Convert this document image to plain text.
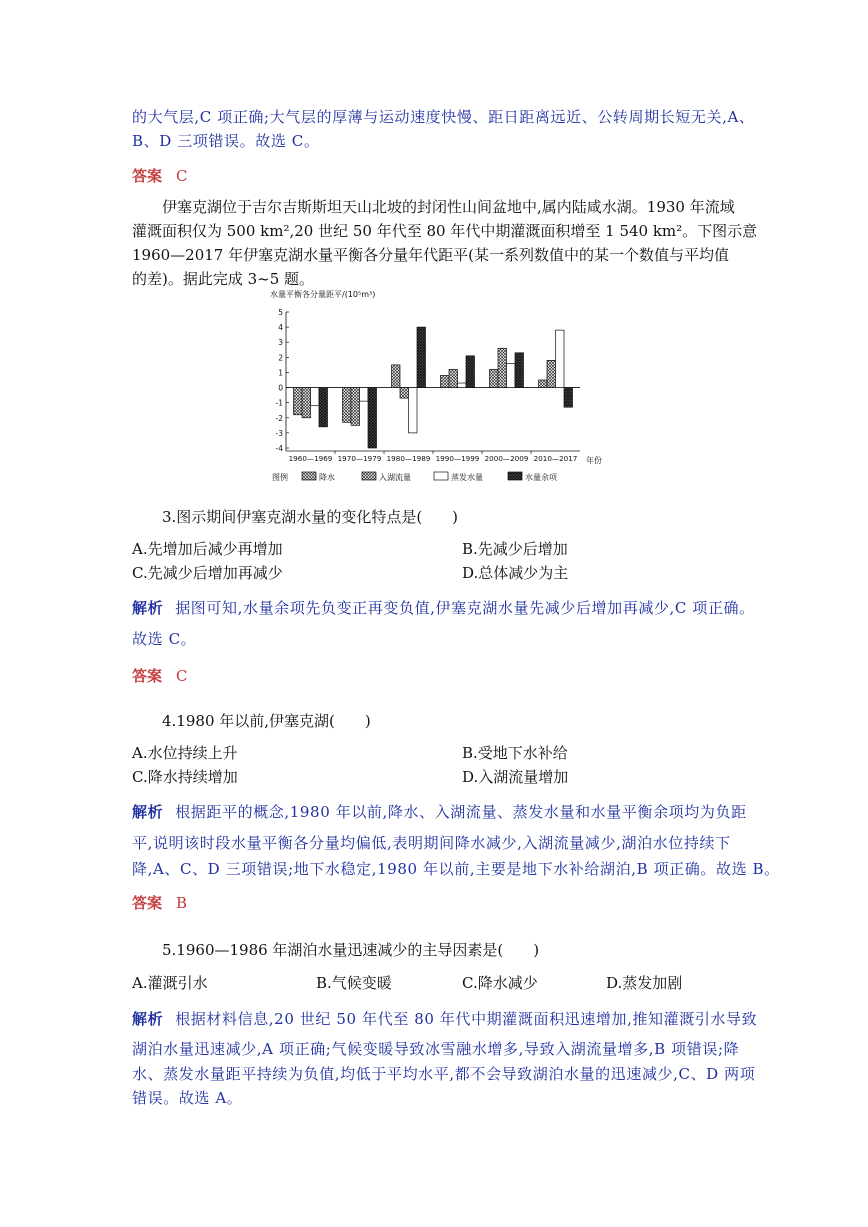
的大气层,C 项正确;大气层的厚薄与运动速度快慢、距日距离远近、公转周期长短无关,A、
B、D 三项错误。故选 C。
答案 C
伊塞克湖位于吉尔吉斯斯坦天山北坡的封闭性山间盆地中,属内陆咸水湖。1930 年流域
灌溉面积仅为 500 km²,20 世纪 50 年代至 80 年代中期灌溉面积增至 1 540 km²。下图示意
1960—2017 年伊塞克湖水量平衡各分量年代距平(某一系列数值中的某一个数值与平均值
的差)。据此完成 3~5 题。
水量平衡各分量距平/(10⁵m³)
5
4
3
2
1
0
-1
-2
-3
-4
1960—1969 1970—1979 1980—1989 1990—1999 2000—2009 2010—2017 年份
图例	降水	入湖流量	蒸发水量	水量余项
3.图示期间伊塞克湖水量的变化特点是(　　)
A.先增加后减少再增加	B.先减少后增加
C.先减少后增加再减少	D.总体减少为主
解析 据图可知,水量余项先负变正再变负值,伊塞克湖水量先减少后增加再减少,C 项正确。
故选 C。
答案 C
4.1980 年以前,伊塞克湖(　　)
A.水位持续上升	B.受地下水补给
C.降水持续增加	D.入湖流量增加
解析 根据距平的概念,1980 年以前,降水、入湖流量、蒸发水量和水量平衡余项均为负距
平,说明该时段水量平衡各分量均偏低,表明期间降水减少,入湖流量减少,湖泊水位持续下
降,A、C、D 三项错误;地下水稳定,1980 年以前,主要是地下水补给湖泊,B 项正确。故选 B。
答案 B
5.1960—1986 年湖泊水量迅速减少的主导因素是(　　)
A.灌溉引水	B.气候变暖	C.降水减少	D.蒸发加剧
解析 根据材料信息,20 世纪 50 年代至 80 年代中期灌溉面积迅速增加,推知灌溉引水导致
湖泊水量迅速减少,A 项正确;气候变暖导致冰雪融水增多,导致入湖流量增多,B 项错误;降
水、蒸发水量距平持续为负值,均低于平均水平,都不会导致湖泊水量的迅速减少,C、D 两项
错误。故选 A。
